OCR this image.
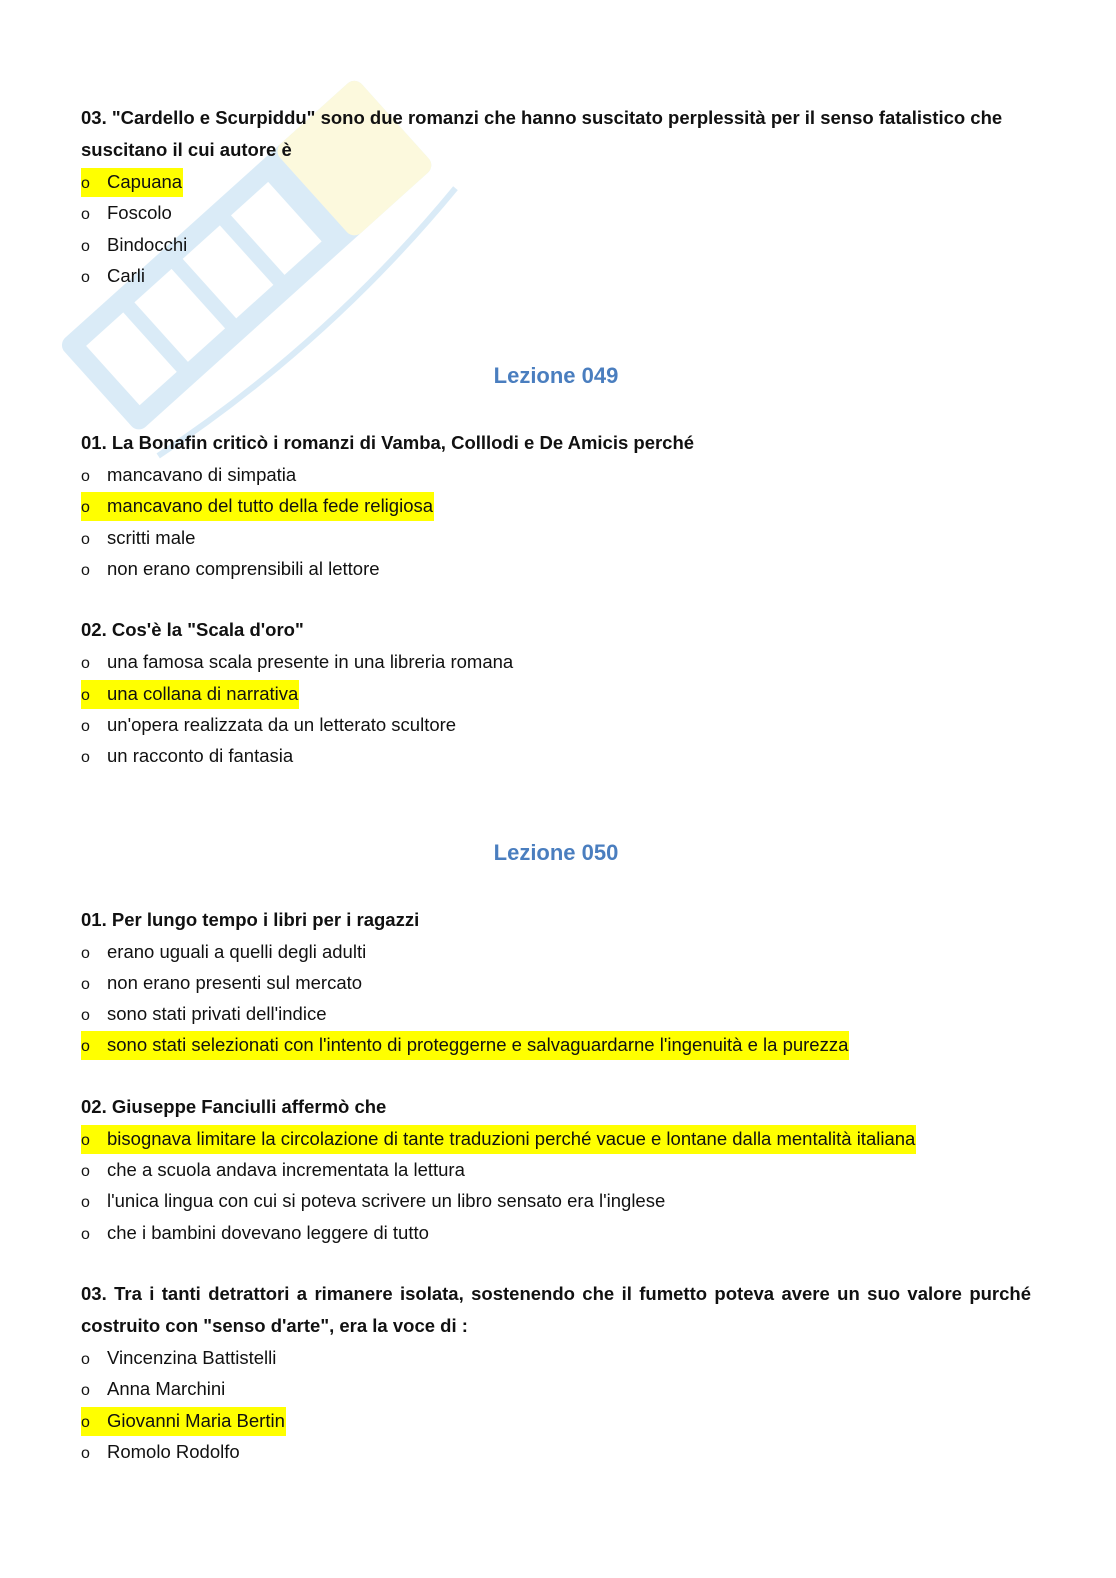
03. "Cardello e Scurpiddu" sono due romanzi che hanno suscitato perplessità per il senso fatalistico che suscitano il cui autore è

o Capuana
o Foscolo
o Bindocchi
o Carli
Lezione 049

01. La Bonafin criticò i romanzi di Vamba, Colllodi e De Amicis perché

o mancavano di simpatia
o mancavano del tutto della fede religiosa
o scritti male
o non erano comprensibili al lettore

02. Cos'è la "Scala d'oro"

o una famosa scala presente in una libreria romana
o una collana di narrativa
o un'opera realizzata da un letterato scultore
o un racconto di fantasia
Lezione 050

01. Per lungo tempo i libri per i ragazzi

o erano uguali a quelli degli adulti
o non erano presenti sul mercato
o sono stati privati dell'indice
o sono stati selezionati con l'intento di proteggerne e salvaguardarne l'ingenuità e la purezza

02. Giuseppe Fanciulli affermò che

o bisognava limitare la circolazione di tante traduzioni perché vacue e lontane dalla mentalità italiana
o che a scuola andava incrementata la lettura
o l'unica lingua con cui si poteva scrivere un libro sensato era l'inglese
o che i bambini dovevano leggere di tutto

03. Tra i tanti detrattori a rimanere isolata, sostenendo che il fumetto poteva avere un suo valore purché costruito con "senso d'arte", era la voce di :

o Vincenzina Battistelli
o Anna Marchini
o Giovanni Maria Bertin
o Romolo Rodolfo
